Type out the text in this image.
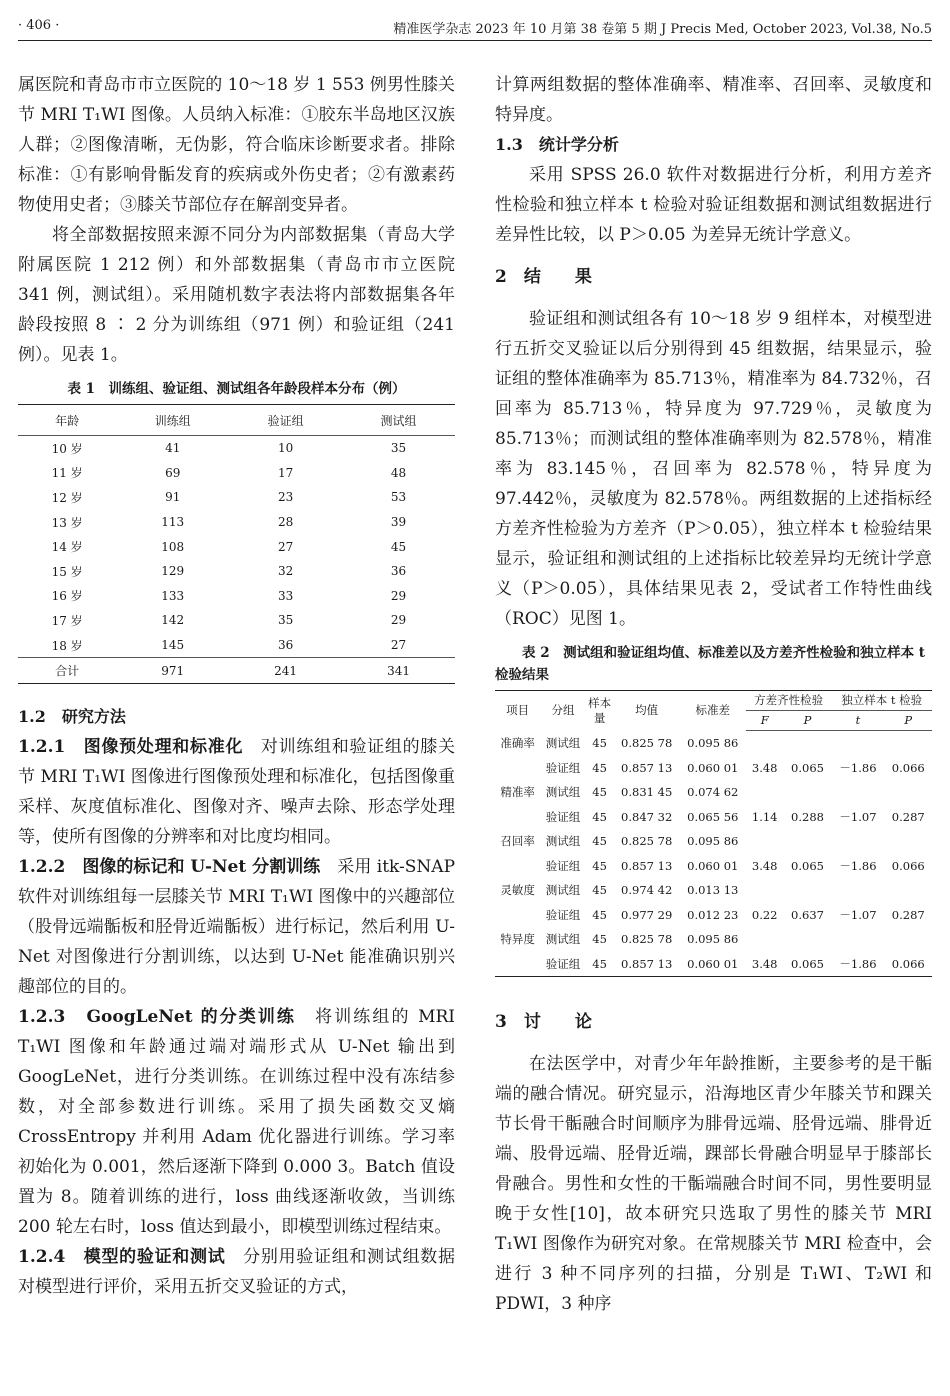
· 406 ·	精准医学杂志 2023 年 10 月第 38 卷第 5 期 J Precis Med, October 2023, Vol.38, No.5

属医院和青岛市市立医院的 10～18 岁 1 553 例男性膝关节 MRI T₁WI 图像。人员纳入标准：①胶东半岛地区汉族人群；②图像清晰，无伪影，符合临床诊断要求者。排除标准：①有影响骨骺发育的疾病或外伤史者；②有激素药物使用史者；③膝关节部位存在解剖变异者。

将全部数据按照来源不同分为内部数据集（青岛大学附属医院 1 212 例）和外部数据集（青岛市市立医院 341 例，测试组）。采用随机数字表法将内部数据集各年龄段按照 8 ∶ 2 分为训练组（971 例）和验证组（241 例）。见表 1。

表 1　训练组、验证组、测试组各年龄段样本分布（例）
年龄	训练组	验证组	测试组
10 岁	41	10	35
11 岁	69	17	48
12 岁	91	23	53
13 岁	113	28	39
14 岁	108	27	45
15 岁	129	32	36
16 岁	133	33	29
17 岁	142	35	29
18 岁	145	36	27
合计	971	241	341

1.2　研究方法

1.2.1　图像预处理和标准化　 对训练组和验证组的膝关节 MRI T₁WI 图像进行图像预处理和标准化，包括图像重采样、灰度值标准化、图像对齐、噪声去除、形态学处理等，使所有图像的分辨率和对比度均相同。

1.2.2　图像的标记和 U-Net 分割训练　 采用 itk-SNAP 软件对训练组每一层膝关节 MRI T₁WI 图像中的兴趣部位（股骨远端骺板和胫骨近端骺板）进行标记，然后利用 U-Net 对图像进行分割训练，以达到 U-Net 能准确识别兴趣部位的目的。

1.2.3　GoogLeNet 的分类训练　 将训练组的 MRI T₁WI 图像和年龄通过端对端形式从 U-Net 输出到 GoogLeNet，进行分类训练。在训练过程中没有冻结参数，对全部参数进行训练。采用了损失函数交叉熵 CrossEntropy 并利用 Adam 优化器进行训练。学习率初始化为 0.001，然后逐渐下降到 0.000 3。Batch 值设置为 8。随着训练的进行，loss 曲线逐渐收敛，当训练 200 轮左右时，loss 值达到最小，即模型训练过程结束。

1.2.4　模型的验证和测试　 分别用验证组和测试组数据对模型进行评价，采用五折交叉验证的方式，

计算两组数据的整体准确率、精准率、召回率、灵敏度和特异度。

1.3　统计学分析

采用 SPSS 26.0 软件对数据进行分析，利用方差齐性检验和独立样本 t 检验对验证组数据和测试组数据进行差异性比较，以 P＞0.05 为差异无统计学意义。

2　结　　果

验证组和测试组各有 10～18 岁 9 组样本，对模型进行五折交叉验证以后分别得到 45 组数据，结果显示，验证组的整体准确率为 85.713％，精准率为 84.732％，召回率为 85.713％，特异度为 97.729％，灵敏度为 85.713％；而测试组的整体准确率则为 82.578％，精准率为 83.145％，召回率为 82.578％，特异度为 97.442％，灵敏度为 82.578％。两组数据的上述指标经方差齐性检验为方差齐（P＞0.05），独立样本 t 检验结果显示，验证组和测试组的上述指标比较差异均无统计学意义（P＞0.05），具体结果见表 2，受试者工作特性曲线（ROC）见图 1。

表 2　测试组和验证组均值、标准差以及方差齐性检验和独立样本 t 检验结果
项目	分组	样本量	均值	标准差	方差齐性检验		独立样本 t 检验	
					F	P	t	P
准确率	测试组	45	0.825 78	0.095 86				
	验证组	45	0.857 13	0.060 01	3.48	0.065	－1.86	0.066
精准率	测试组	45	0.831 45	0.074 62				
	验证组	45	0.847 32	0.065 56	1.14	0.288	－1.07	0.287
召回率	测试组	45	0.825 78	0.095 86				
	验证组	45	0.857 13	0.060 01	3.48	0.065	－1.86	0.066
灵敏度	测试组	45	0.974 42	0.013 13				
	验证组	45	0.977 29	0.012 23	0.22	0.637	－1.07	0.287
特异度	测试组	45	0.825 78	0.095 86				
	验证组	45	0.857 13	0.060 01	3.48	0.065	－1.86	0.066

3　讨　　论

在法医学中，对青少年年龄推断，主要参考的是干骺端的融合情况。研究显示，沿海地区青少年膝关节和踝关节长骨干骺融合时间顺序为腓骨远端、胫骨远端、腓骨近端、股骨远端、胫骨近端，踝部长骨融合明显早于膝部长骨融合。男性和女性的干骺端融合时间不同，男性要明显晚于女性[10]，故本研究只选取了男性的膝关节 MRI T₁WI 图像作为研究对象。在常规膝关节 MRI 检查中，会进行 3 种不同序列的扫描，分别是 T₁WI、T₂WI 和 PDWI，3 种序
